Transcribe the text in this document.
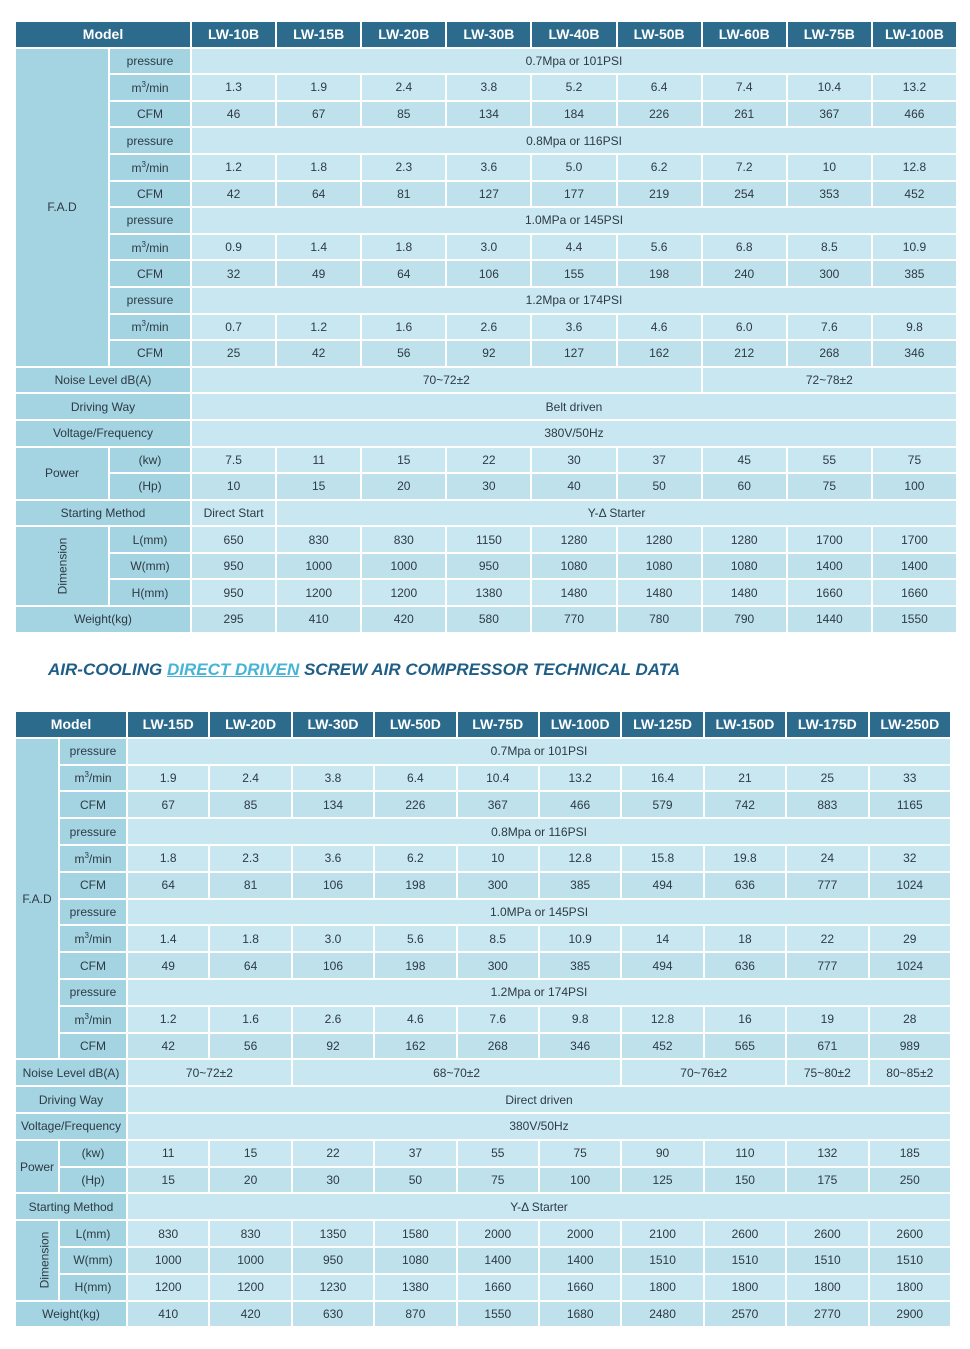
Model		LW-10B	LW-15B	LW-20B	LW-30B	LW-40B	LW-50B	LW-60B	LW-75B	LW-100B
F.A.D	pressure	0.7Mpa or 101PSI								
	$m^3/\min$	1.3	1.9	2.4	3.8	5.2	6.4	7.4	10.4	13.2
	CFM	46	67	85	134	184	226	261	367	466
	pressure	0.8Mpa or 116PSI								
	$m^3/\min$	1.2	1.8	2.3	3.6	5.0	6.2	7.2	10	12.8
	CFM	42	64	81	127	177	219	254	353	452
	pressure	1.0MPa or 145PSI								
	$m^3/\min$	0.9	1.4	1.8	3.0	4.4	5.6	6.8	8.5	10.9
	CFM	32	49	64	106	155	198	240	300	385
	pressure	1.2Mpa or 174PSI								
	$m^3/\min$	0.7	1.2	1.6	2.6	3.6	4.6	6.0	7.6	9.8
	CFM	25	42	56	92	127	162	212	268	346
Noise Level dB(A)		70~72±2						72~78±2		
Driving Way		Belt driven								
Voltage/Frequency		380V/50Hz								
Power	(kw)	7.5	11	15	22	30	37	45	55	75
	(Hp)	10	15	20	30	40	50	60	75	100
Starting Method		Direct Start	Y-Δ Starter							
Dimension	L(mm)	650	830	830	1150	1280	1280	1280	1700	1700
	W(mm)	950	1000	1000	950	1080	1080	1080	1400	1400
	H(mm)	950	1200	1200	1380	1480	1480	1480	1660	1660
Weight(kg)		295	410	420	580	770	780	790	1440	1550
AIR-COOLING DIRECT DRIVEN SCREW AIR COMPRESSOR TECHNICAL DATA
Model		LW-15D	LW-20D	LW-30D	LW-50D	LW-75D	LW-100D	LW-125D	LW-150D	LW-175D	LW-250D
F.A.D	pressure	0.7Mpa or 101PSI									
	$m^3/\min$	1.9	2.4	3.8	6.4	10.4	13.2	16.4	21	25	33
	CFM	67	85	134	226	367	466	579	742	883	1165
	pressure	0.8Mpa or 116PSI									
	$m^3/\min$	1.8	2.3	3.6	6.2	10	12.8	15.8	19.8	24	32
	CFM	64	81	106	198	300	385	494	636	777	1024
	pressure	1.0MPa or 145PSI									
	$m^3/\min$	1.4	1.8	3.0	5.6	8.5	10.9	14	18	22	29
	CFM	49	64	106	198	300	385	494	636	777	1024
	pressure	1.2Mpa or 174PSI									
	$m^3/\min$	1.2	1.6	2.6	4.6	7.6	9.8	12.8	16	19	28
	CFM	42	56	92	162	268	346	452	565	671	989
Noise Level dB(A)		70~72±2		68~70±2				70~76±2		75~80±2	80~85±2
Driving Way		Direct driven									
Voltage/Frequency		380V/50Hz									
Power	(kw)	11	15	22	37	55	75	90	110	132	185
	(Hp)	15	20	30	50	75	100	125	150	175	250
Starting Method		Y-Δ Starter									
Dimension	L(mm)	830	830	1350	1580	2000	2000	2100	2600	2600	2600
	W(mm)	1000	1000	950	1080	1400	1400	1510	1510	1510	1510
	H(mm)	1200	1200	1230	1380	1660	1660	1800	1800	1800	1800
Weight(kg)		410	420	630	870	1550	1680	2480	2570	2770	2900
